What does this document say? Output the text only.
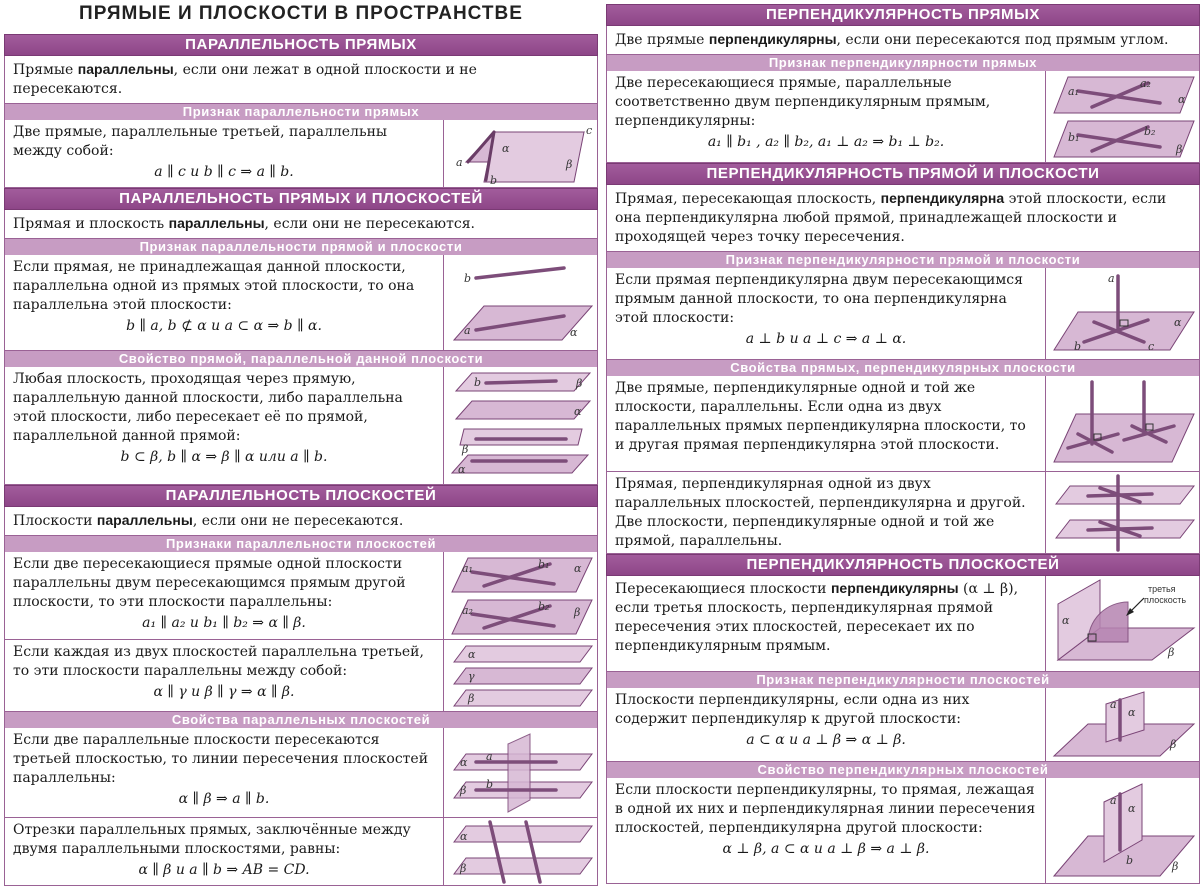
ПРЯМЫЕ И ПЛОСКОСТИ В ПРОСТРАНСТВЕ
ПАРАЛЛЕЛЬНОСТЬ ПРЯМЫХ
Прямые параллельны, если они лежат в одной плоскости и не пересекаются.
Признак параллельности прямых
Две прямые, параллельные третьей, параллельны между собой:
a ∥ c и b ∥ c ⇒ a ∥ b.
a
α
β
c
b
ПАРАЛЛЕЛЬНОСТЬ ПРЯМЫХ И ПЛОСКОСТЕЙ
Прямая и плоскость параллельны, если они не пересекаются.
Признак параллельности прямой и плоскости
Если прямая, не принадлежащая данной плоскости, параллельна одной из прямых этой плоскости, то она параллельна этой плоскости:
b ∥ a, b ⊄ α и a ⊂ α ⇒ b ∥ α.
b
a	α
Свойство прямой, параллельной данной плоскости
Любая плоскость, проходящая через прямую, параллельную данной плоскости, либо параллельна этой плоскости, либо пересекает её по прямой, параллельной данной прямой:
b ⊂ β, b ∥ α ⇒ β ∥ α или a ∥ b.
b	β
α
β
α
ПАРАЛЛЕЛЬНОСТЬ ПЛОСКОСТЕЙ
Плоскости параллельны, если они не пересекаются.
Признаки параллельности плоскостей
Если две пересекающиеся прямые одной плоскости параллельны двум пересекающимся прямым другой плоскости, то эти плоскости параллельны:
a₁ ∥ a₂ и b₁ ∥ b₂ ⇒ α ∥ β.
a₁	b₁ α
a₂	b₂ β
Если каждая из двух плоскостей параллельна третьей, то эти плоскости параллельны между собой:
α ∥ γ и β ∥ γ ⇒ α ∥ β.
α
γ
β
Свойства параллельных плоскостей
Если две параллельные плоскости пересекаются третьей плоскостью, то линии пересечения плоскостей параллельны:
α ∥ β ⇒ a ∥ b.
α a
β b
Отрезки параллельных прямых, заключённые между двумя параллельными плоскостями, равны:
α ∥ β и a ∥ b ⇒ AB = CD.
α
β
ПЕРПЕНДИКУЛЯРНОСТЬ ПРЯМЫХ
Две прямые перпендикулярны, если они пересекаются под прямым углом.
Признак перпендикулярности прямых
Две пересекающиеся прямые, параллельные соответственно двум перпендикулярным прямым, перпендикулярны:
a₁ ∥ b₁ , a₂ ∥ b₂, a₁ ⊥ a₂ ⇒ b₁ ⊥ b₂.
a₁
a₂
α
b₁	b₂
β
ПЕРПЕНДИКУЛЯРНОСТЬ ПРЯМОЙ И ПЛОСКОСТИ
Прямая, пересекающая плоскость, перпендикулярна этой плоскости, если она перпендикулярна любой прямой, принадлежащей плоскости и проходящей через точку пересечения.
Признак перпендикулярности прямой и плоскости
Если прямая перпендикулярна двум пересекающимся прямым данной плоскости, то она перпендикулярна этой плоскости:
a ⊥ b и a ⊥ c ⇒ a ⊥ α.
a
b	c
α
Свойства прямых, перпендикулярных плоскости
Две прямые, перпендикулярные одной и той же плоскости, параллельны. Если одна из двух параллельных прямых перпендикулярна плоскости, то и другая прямая перпендикулярна этой плоскости.
Прямая, перпендикулярная одной из двух параллельных плоскостей, перпендикулярна и другой. Две плоскости, перпендикулярные одной и той же прямой, параллельны.
ПЕРПЕНДИКУЛЯРНОСТЬ ПЛОСКОСТЕЙ
Пересекающиеся плоскости перпендикулярны (α ⊥ β), если третья плоскость, перпендикулярная прямой пересечения этих плоскостей, пересекает их по перпендикулярным прямым.
третья
плоскость
α
β
Признак перпендикулярности плоскостей
Плоскости перпендикулярны, если одна из них содержит перпендикуляр к другой плоскости:
a ⊂ α и a ⊥ β ⇒ α ⊥ β.
a
α
β
Свойство перпендикулярных плоскостей
Если плоскости перпендикулярны, то прямая, лежащая в одной их них и перпендикулярная линии пересечения плоскостей, перпендикулярна другой плоскости:
α ⊥ β, a ⊂ α и a ⊥ β ⇒ a ⊥ β.
a
α
b	β
